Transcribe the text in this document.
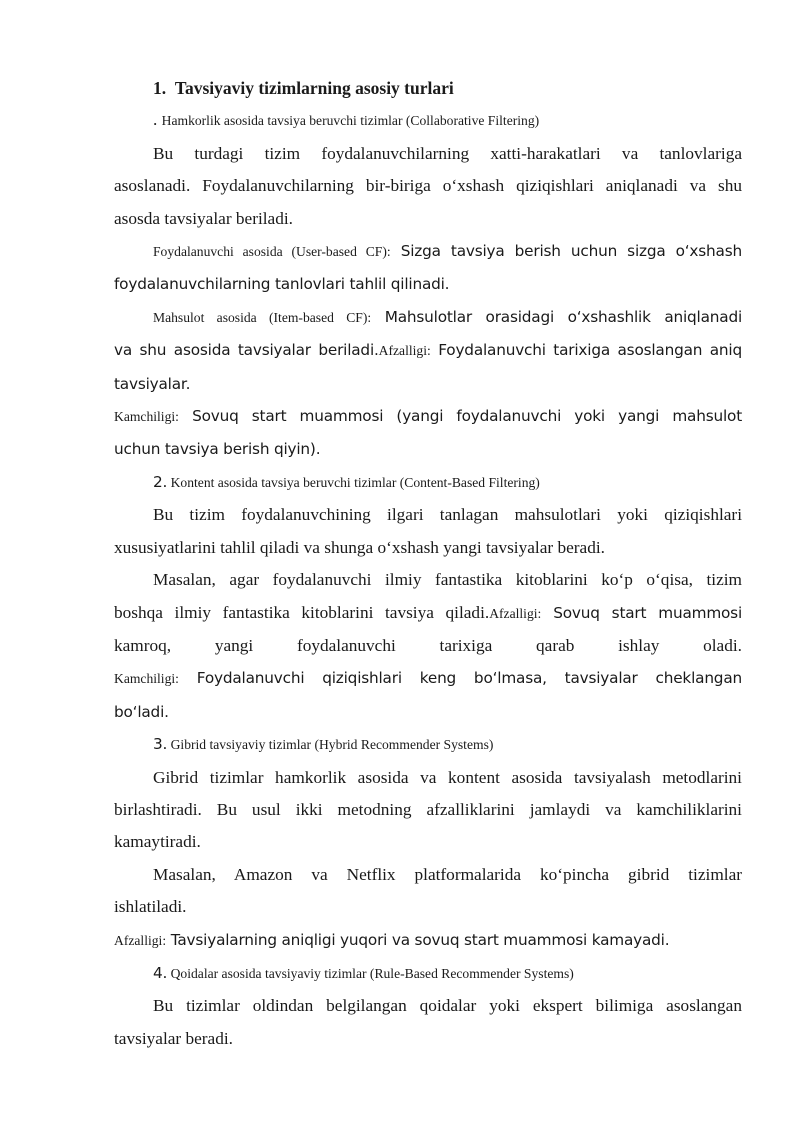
1.  Tavsiyaviy tizimlarning asosiy turlari

. Hamkorlik asosida tavsiya beruvchi tizimlar (Collaborative Filtering)

Bu turdagi tizim foydalanuvchilarning xatti-harakatlari va tanlovlariga

asoslanadi. Foydalanuvchilarning bir-biriga o‘xshash qiziqishlari aniqlanadi va shu

asosda tavsiyalar beriladi.

Foydalanuvchi asosida (User-based CF): Sizga tavsiya berish uchun sizga o‘xshash

foydalanuvchilarning tanlovlari tahlil qilinadi.

Mahsulot asosida (Item-based CF): Mahsulotlar orasidagi o‘xshashlik aniqlanadi

va shu asosida tavsiyalar beriladi.Afzalligi: Foydalanuvchi tarixiga asoslangan aniq

tavsiyalar.

Kamchiligi: Sovuq start muammosi (yangi foydalanuvchi yoki yangi mahsulot

uchun tavsiya berish qiyin).

2. Kontent asosida tavsiya beruvchi tizimlar (Content-Based Filtering)

Bu tizim foydalanuvchining ilgari tanlagan mahsulotlari yoki qiziqishlari

xususiyatlarini tahlil qiladi va shunga o‘xshash yangi tavsiyalar beradi.

Masalan, agar foydalanuvchi ilmiy fantastika kitoblarini ko‘p o‘qisa, tizim

boshqa ilmiy fantastika kitoblarini tavsiya qiladi.Afzalligi: Sovuq start muammosi

kamroq, yangi foydalanuvchi tarixiga qarab ishlay oladi.

Kamchiligi: Foydalanuvchi qiziqishlari keng bo‘lmasa, tavsiyalar cheklangan

bo‘ladi.

3. Gibrid tavsiyaviy tizimlar (Hybrid Recommender Systems)

Gibrid tizimlar hamkorlik asosida va kontent asosida tavsiyalash metodlarini

birlashtiradi. Bu usul ikki metodning afzalliklarini jamlaydi va kamchiliklarini

kamaytiradi.

Masalan, Amazon va Netflix platformalarida ko‘pincha gibrid tizimlar

ishlatiladi.

Afzalligi: Tavsiyalarning aniqligi yuqori va sovuq start muammosi kamayadi.

4. Qoidalar asosida tavsiyaviy tizimlar (Rule-Based Recommender Systems)

Bu tizimlar oldindan belgilangan qoidalar yoki ekspert bilimiga asoslangan

tavsiyalar beradi.
